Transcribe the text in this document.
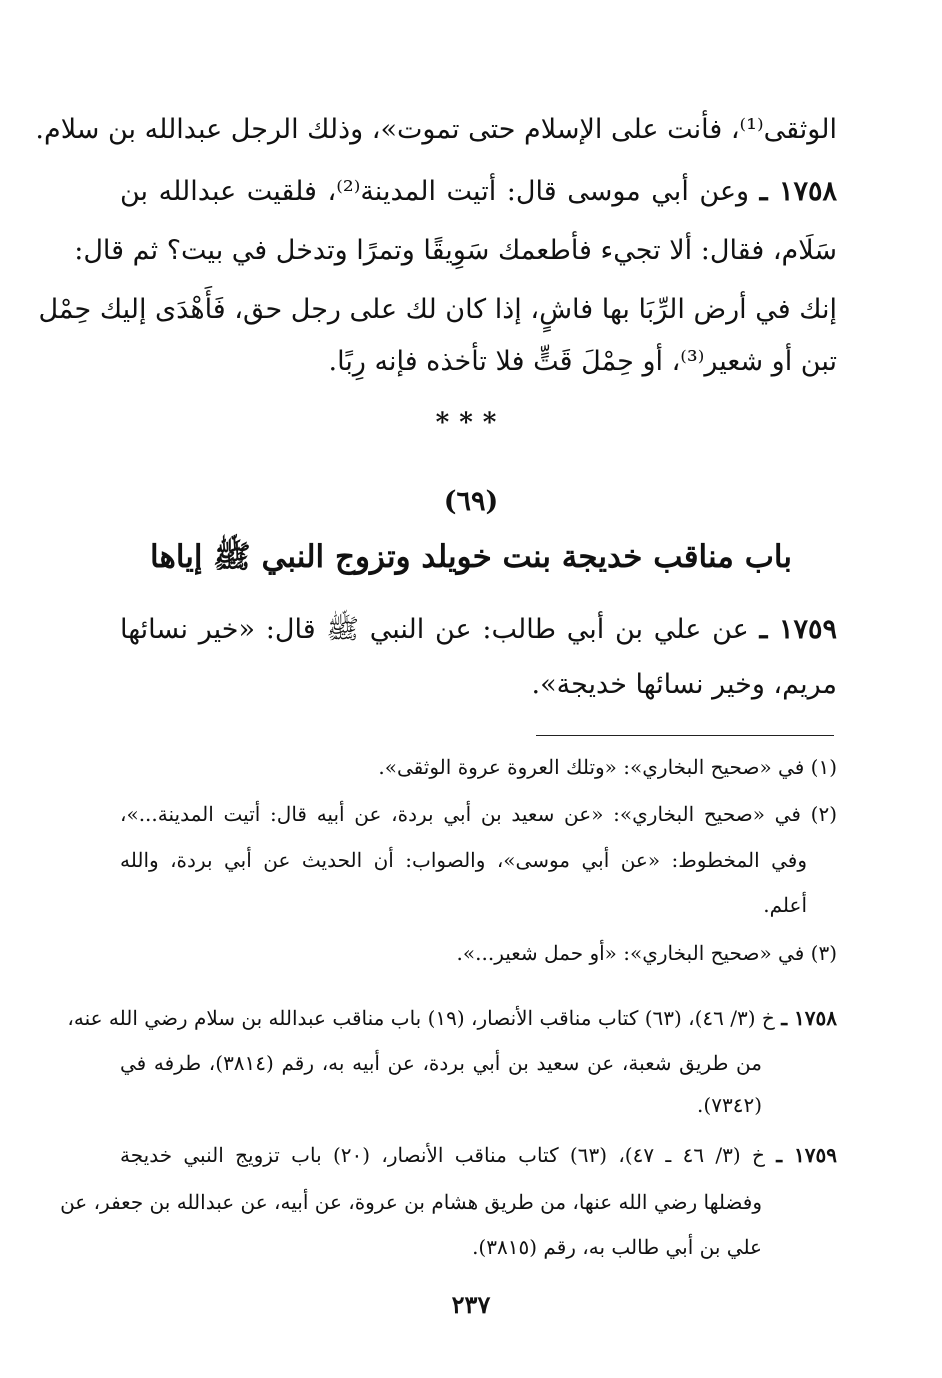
الوثقى⁽¹⁾، فأنت على الإسلام حتى تموت»، وذلك الرجل عبدالله بن سلام.
١٧٥٨ ـ وعن أبي موسى قال: أتيت المدينة⁽²⁾، فلقيت عبدالله بن
سَلَام، فقال: ألا تجيء فأطعمك سَوِيقًا وتمرًا وتدخل في بيت؟ ثم قال:
إنك في أرض الرِّبَا بها فاشٍ، إذا كان لك على رجل حق، فَأَهْدَى إليك حِمْل
تبن أو شعير⁽³⁾، أو حِمْلَ قَتٍّ فلا تأخذه فإنه رِبًا.
***
(٦٩)
باب مناقب خديجة بنت خويلد وتزوج النبي ﷺ إياها
١٧٥٩ ـ عن علي بن أبي طالب: عن النبي ﷺ قال: «خير نسائها
مريم، وخير نسائها خديجة».
(١) في «صحيح البخاري»: «وتلك العروة عروة الوثقى».
(٢) في «صحيح البخاري»: «عن سعيد بن أبي بردة، عن أبيه قال: أتيت المدينة...»،
وفي المخطوط: «عن أبي موسى»، والصواب: أن الحديث عن أبي بردة، والله
أعلم.
(٣) في «صحيح البخاري»: «أو حمل شعير...».
١٧٥٨ ـ خ (٣/ ٤٦)، (٦٣) كتاب مناقب الأنصار، (١٩) باب مناقب عبدالله بن سلام رضي الله عنه،
من طريق شعبة، عن سعيد بن أبي بردة، عن أبيه به، رقم (٣٨١٤)، طرفه في
(٧٣٤٢).
١٧٥٩ ـ خ (٣/ ٤٦ ـ ٤٧)، (٦٣) كتاب مناقب الأنصار، (٢٠) باب تزويج النبي خديجة
وفضلها رضي الله عنها، من طريق هشام بن عروة، عن أبيه، عن عبدالله بن جعفر، عن
علي بن أبي طالب به، رقم (٣٨١٥).
٢٣٧
